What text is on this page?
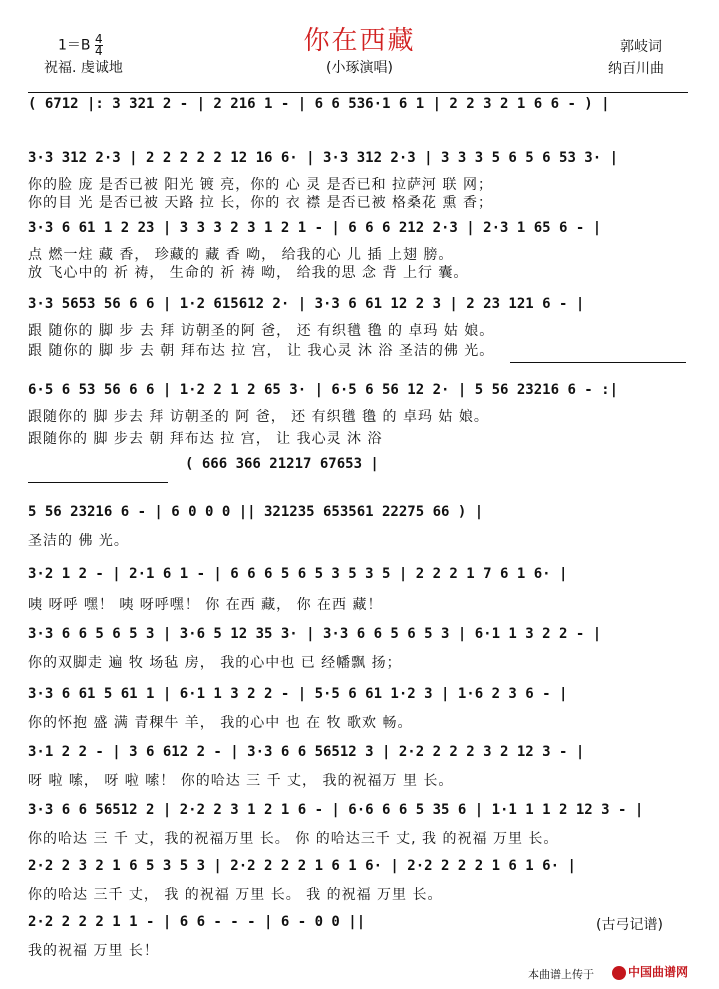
你在西藏
$1=B \frac{4}{4}$
祝福. 虔诚地	(小琢演唱)
郭岐词
纳百川曲
( 6712 |: 3 321 2 - | 2 216 1 - | 6 6 536·1 6 1 | 2 2 3 2 1 6 6 - ) |
3·3 312 2·3 | 2 2 2 2 2 12 16 6· | 3·3 312 2·3 | 3 3 3 5 6 5 6 53 3· |
你的脸 庞 是否已被 阳光 镀 亮，你的 心 灵 是否已和 拉萨河 联 网；
你的目 光 是否已被 天路 拉 长，你的 衣 襟 是否已被 格桑花 熏 香；
3·3 6 61 1 2 23 | 3 3 3 2 3 1 2 1 - | 6 6 6 212 2·3 | 2·3 1 65 6 - |
点 燃一炷 藏 香， 珍藏的 藏 香 呦， 给我的心 儿 插 上翅 膀。
放 飞心中的 祈 祷， 生命的 祈 祷 呦， 给我的思 念 背 上行 囊。
3·3 5653 56 6 6 | 1·2 615612 2· | 3·3 6 61 12 2 3 | 2 23 121 6 - |
跟 随你的 脚 步 去 拜 访朝圣的阿 爸， 还 有织氆 氇 的 卓玛 姑 娘。
跟 随你的 脚 步 去 朝 拜布达 拉 宫， 让 我心灵 沐 浴 圣洁的佛 光。
6·5 6 53 56 6 6 | 1·2 2 1 2 65 3· | 6·5 6 56 12 2· | 5 56 23216 6 - :|
跟随你的 脚 步去 拜 访朝圣的 阿 爸， 还 有织氆 氇 的 卓玛 姑 娘。
跟随你的 脚 步去 朝 拜布达 拉 宫， 让 我心灵 沐 浴
( 666 366 21217 67653 |
5 56 23216 6 - | 6 0 0 0 || 321235 653561 22275 66 ) |
圣洁的 佛 光。
3·2 1 2 - | 2·1 6 1 - | 6 6 6 5 6 5 3 5 3 5 | 2 2 2 1 7 6 1 6· |
咦 呀呼 嘿！ 咦 呀呼嘿！ 你 在西 藏， 你 在西 藏！
3·3 6 6 5 6 5 3 | 3·6 5 12 35 3· | 3·3 6 6 5 6 5 3 | 6·1 1 3 2 2 - |
你的双脚走 遍 牧 场毡 房， 我的心中也 已 经幡飘 扬；
3·3 6 61 5 61 1 | 6·1 1 3 2 2 - | 5·5 6 61 1·2 3 | 1·6 2 3 6 - |
你的怀抱 盛 满 青稞牛 羊， 我的心中 也 在 牧 歌欢 畅。
3·1 2 2 - | 3 6 612 2 - | 3·3 6 6 56512 3 | 2·2 2 2 2 3 2 12 3 - |
呀 啦 嗦， 呀 啦 嗦！ 你的哈达 三 千 丈， 我的祝福万 里 长。
3·3 6 6 56512 2 | 2·2 2 3 1 2 1 6 - | 6·6 6 6 5 35 6 | 1·1 1 1 2 12 3 - |
你的哈达 三 千 丈，我的祝福万里 长。 你 的哈达三千 丈, 我 的祝福 万里 长。
2·2 2 3 2 1 6 5 3 5 3 | 2·2 2 2 2 1 6 1 6· | 2·2 2 2 2 1 6 1 6· |
你的哈达 三千 丈， 我 的祝福 万里 长。 我 的祝福 万里 长。
2·2 2 2 2 1 1 - | 6 6 - - - | 6 - 0 0 ||
我的祝福 万里 长！
(古弓记谱)
本曲谱上传于	中国曲谱网
